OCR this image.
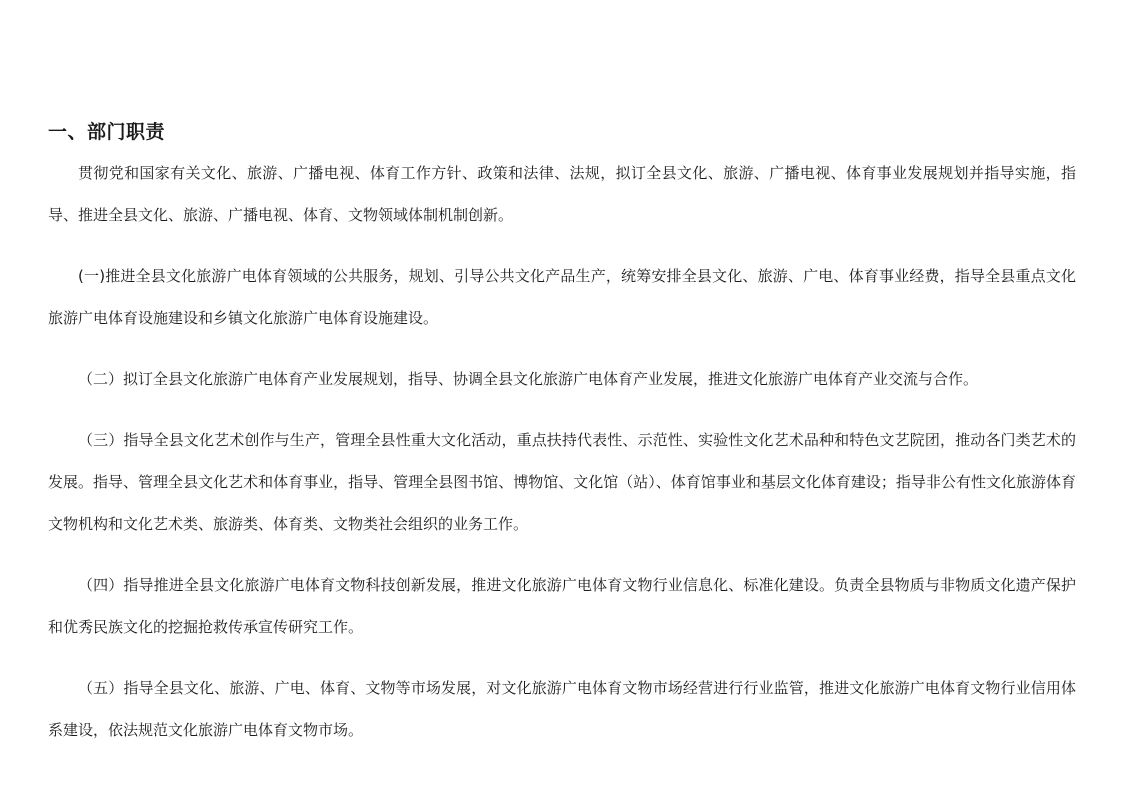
一、部门职责

贯彻党和国家有关文化、旅游、广播电视、体育工作方针、政策和法律、法规，拟订全县文化、旅游、广播电视、体育事业发展规划并指导实施，指导、推进全县文化、旅游、广播电视、体育、文物领域体制机制创新。

(一)推进全县文化旅游广电体育领域的公共服务，规划、引导公共文化产品生产，统筹安排全县文化、旅游、广电、体育事业经费，指导全县重点文化旅游广电体育设施建设和乡镇文化旅游广电体育设施建设。

（二）拟订全县文化旅游广电体育产业发展规划，指导、协调全县文化旅游广电体育产业发展，推进文化旅游广电体育产业交流与合作。

（三）指导全县文化艺术创作与生产，管理全县性重大文化活动，重点扶持代表性、示范性、实验性文化艺术品种和特色文艺院团，推动各门类艺术的发展。指导、管理全县文化艺术和体育事业，指导、管理全县图书馆、博物馆、文化馆（站）、体育馆事业和基层文化体育建设；指导非公有性文化旅游体育文物机构和文化艺术类、旅游类、体育类、文物类社会组织的业务工作。

（四）指导推进全县文化旅游广电体育文物科技创新发展，推进文化旅游广电体育文物行业信息化、标准化建设。负责全县物质与非物质文化遗产保护和优秀民族文化的挖掘抢救传承宣传研究工作。

（五）指导全县文化、旅游、广电、体育、文物等市场发展，对文化旅游广电体育文物市场经营进行行业监管，推进文化旅游广电体育文物行业信用体系建设，依法规范文化旅游广电体育文物市场。
